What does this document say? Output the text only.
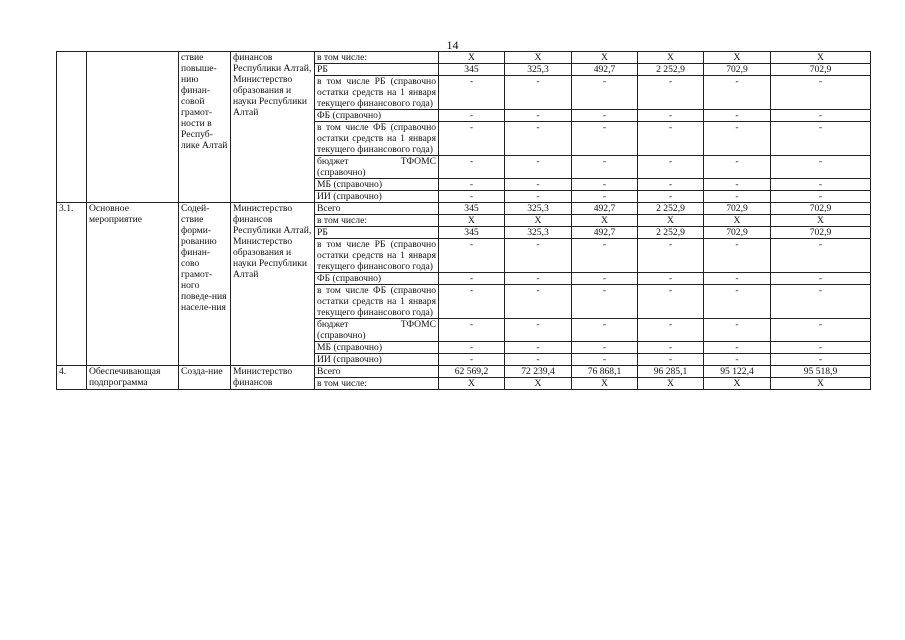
14
		ствие повыше-нию финан-совой грамот-ности в Респуб-лике Алтай	финансов Республики Алтай, Министерство образования и науки Республики Алтай	в том числе:	X	X	X	X	X	X
				РБ	345	325,3	492,7	2 252,9	702,9	702,9
				в том числе РБ (справочно остатки средств на 1 января текущего финансового года)	-	-	-	-	-	-
				ФБ (справочно)	-	-	-	-	-	-
				в том числе ФБ (справочно остатки средств на 1 января текущего финансового года)	-	-	-	-	-	-
				бюджет ТФОМС (справочно)	-	-	-	-	-	-
				МБ (справочно)	-	-	-	-	-	-
				ИИ (справочно)	-	-	-	-	-	-
3.1.	Основное мероприятие	Содей-ствие форми-рованию финан-сово грамот-ного поведе-ния населе-ния	Министерство финансов Республики Алтай, Министерство образования и науки Республики Алтай	Всего	345	325,3	492,7	2 252,9	702,9	702,9
				в том числе:	X	X	X	X	X	X
				РБ	345	325,3	492,7	2 252,9	702,9	702,9
				в том числе РБ (справочно остатки средств на 1 января текущего финансового года)	-	-	-	-	-	-
				ФБ (справочно)	-	-	-	-	-	-
				в том числе ФБ (справочно остатки средств на 1 января текущего финансового года)	-	-	-	-	-	-
				бюджет ТФОМС (справочно)	-	-	-	-	-	-
				МБ (справочно)	-	-	-	-	-	-
				ИИ (справочно)	-	-	-	-	-	-
4.	Обеспечивающая подпрограмма	Созда-ние	Министерство финансов	Всего	62 569,2	72 239,4	76 868,1	96 285,1	95 122,4	95 518,9
				в том числе:	X	X	X	X	X	X
